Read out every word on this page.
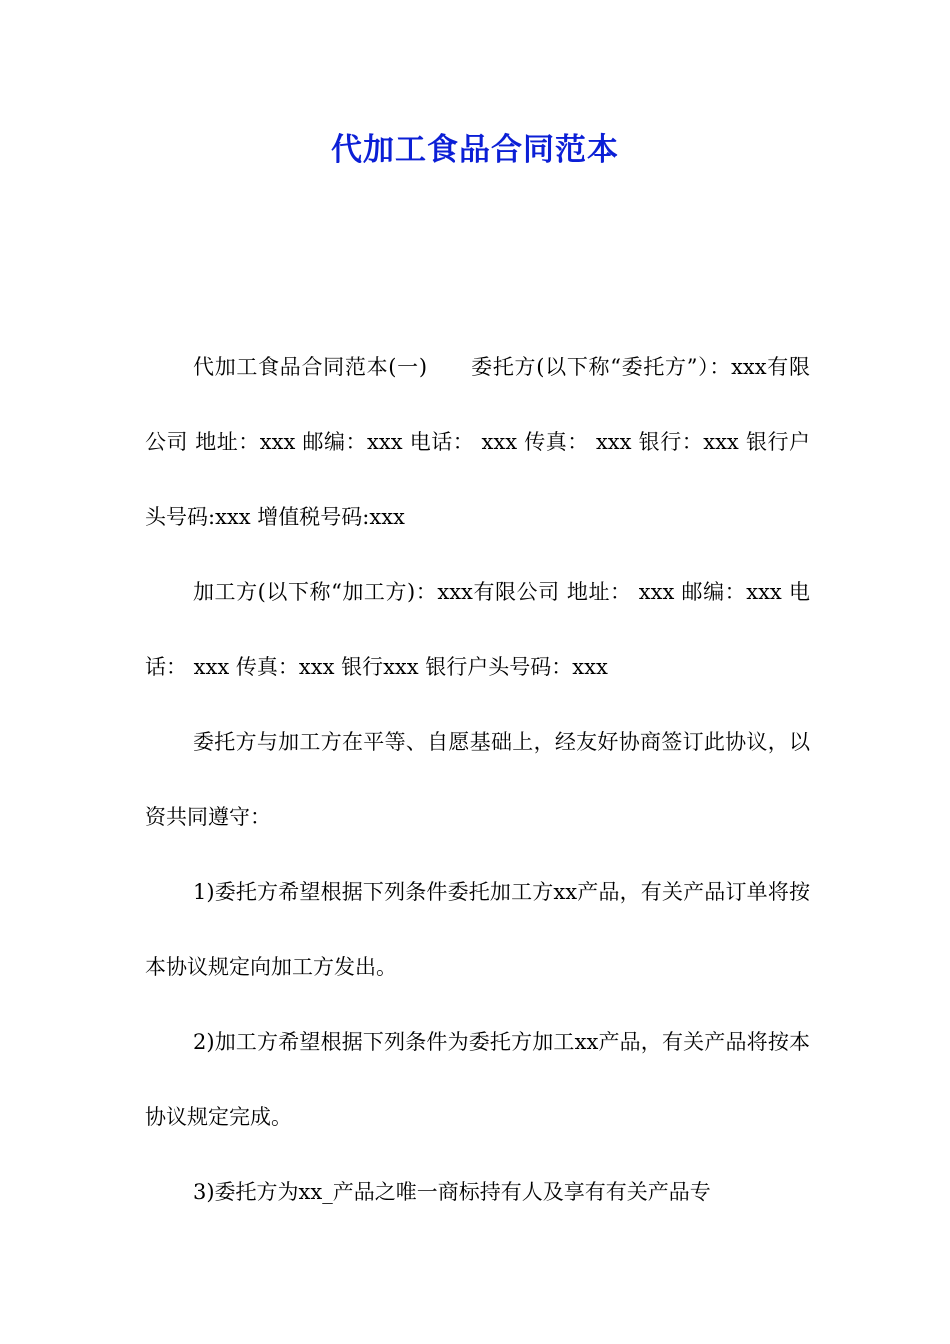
代加工食品合同范本

代加工食品合同范本(一)　　委托方(以下称“委托方”）：xxx有限公司 地址：xxx 邮编：xxx 电话： xxx 传真： xxx 银行：xxx 银行户头号码:xxx 增值税号码:xxx

加工方(以下称“加工方)：xxx有限公司 地址： xxx 邮编：xxx 电话： xxx 传真：xxx 银行xxx 银行户头号码：xxx

委托方与加工方在平等、自愿基础上，经友好协商签订此协议，以资共同遵守：

1)委托方希望根据下列条件委托加工方xx产品，有关产品订单将按本协议规定向加工方发出。

2)加工方希望根据下列条件为委托方加工xx产品，有关产品将按本协议规定完成。

3)委托方为xx_产品之唯一商标持有人及享有有关产品专
